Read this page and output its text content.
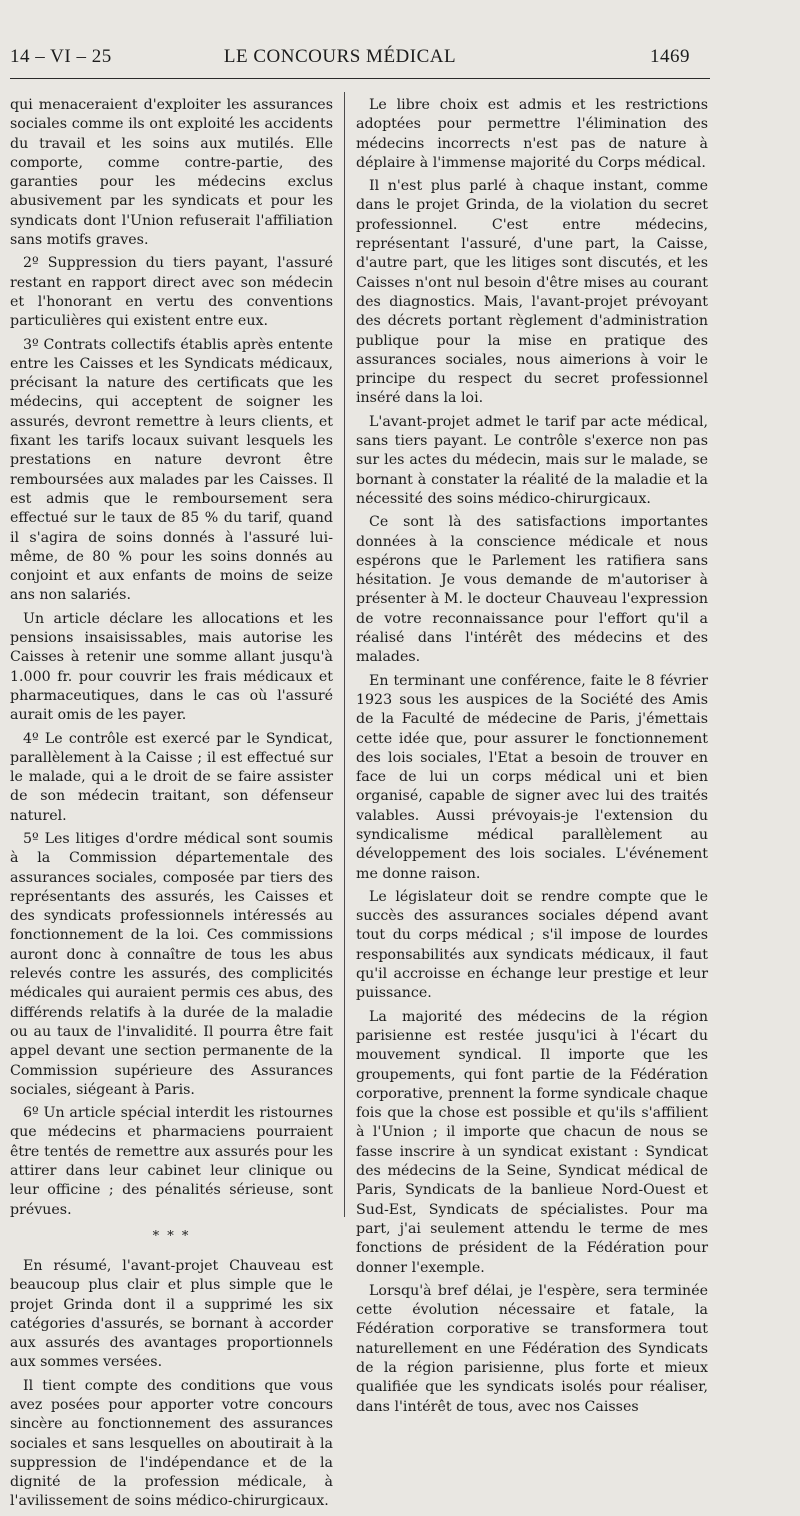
14 – VI – 25	LE CONCOURS MÉDICAL	1469

qui menaceraient d'exploiter les assurances sociales comme ils ont exploité les accidents du travail et les soins aux mutilés. Elle comporte, comme contre-partie, des garanties pour les médecins exclus abusivement par les syndicats et pour les syndicats dont l'Union refuserait l'affiliation sans motifs graves.

2º Suppression du tiers payant, l'assuré restant en rapport direct avec son médecin et l'honorant en vertu des conventions particulières qui existent entre eux.

3º Contrats collectifs établis après entente entre les Caisses et les Syndicats médicaux, précisant la nature des certificats que les médecins, qui acceptent de soigner les assurés, devront remettre à leurs clients, et fixant les tarifs locaux suivant lesquels les prestations en nature devront être remboursées aux malades par les Caisses. Il est admis que le remboursement sera effectué sur le taux de 85 % du tarif, quand il s'agira de soins donnés à l'assuré lui-même, de 80 % pour les soins donnés au conjoint et aux enfants de moins de seize ans non salariés.

Un article déclare les allocations et les pensions insaisissables, mais autorise les Caisses à retenir une somme allant jusqu'à 1.000 fr. pour couvrir les frais médicaux et pharmaceutiques, dans le cas où l'assuré aurait omis de les payer.

4º Le contrôle est exercé par le Syndicat, parallèlement à la Caisse ; il est effectué sur le malade, qui a le droit de se faire assister de son médecin traitant, son défenseur naturel.

5º Les litiges d'ordre médical sont soumis à la Commission départementale des assurances sociales, composée par tiers des représentants des assurés, les Caisses et des syndicats professionnels intéressés au fonctionnement de la loi. Ces commissions auront donc à connaître de tous les abus relevés contre les assurés, des complicités médicales qui auraient permis ces abus, des différends relatifs à la durée de la maladie ou au taux de l'invalidité. Il pourra être fait appel devant une section permanente de la Commission supérieure des Assurances sociales, siégeant à Paris.

6º Un article spécial interdit les ristournes que médecins et pharmaciens pourraient être tentés de remettre aux assurés pour les attirer dans leur cabinet leur clinique ou leur officine ; des pénalités sérieuse, sont prévues.

* * *

En résumé, l'avant-projet Chauveau est beaucoup plus clair et plus simple que le projet Grinda dont il a supprimé les six catégories d'assurés, se bornant à accorder aux assurés des avantages proportionnels aux sommes versées.

Il tient compte des conditions que vous avez posées pour apporter votre concours sincère au fonctionnement des assurances sociales et sans lesquelles on aboutirait à la suppression de l'indépendance et de la dignité de la profession médicale, à l'avilissement de soins médico-chirurgicaux.

Le libre choix est admis et les restrictions adoptées pour permettre l'élimination des médecins incorrects n'est pas de nature à déplaire à l'immense majorité du Corps médical.

Il n'est plus parlé à chaque instant, comme dans le projet Grinda, de la violation du secret professionnel. C'est entre médecins, représentant l'assuré, d'une part, la Caisse, d'autre part, que les litiges sont discutés, et les Caisses n'ont nul besoin d'être mises au courant des diagnostics. Mais, l'avant-projet prévoyant des décrets portant règlement d'administration publique pour la mise en pratique des assurances sociales, nous aimerions à voir le principe du respect du secret professionnel inséré dans la loi.

L'avant-projet admet le tarif par acte médical, sans tiers payant. Le contrôle s'exerce non pas sur les actes du médecin, mais sur le malade, se bornant à constater la réalité de la maladie et la nécessité des soins médico-chirurgicaux.

Ce sont là des satisfactions importantes données à la conscience médicale et nous espérons que le Parlement les ratifiera sans hésitation. Je vous demande de m'autoriser à présenter à M. le docteur Chauveau l'expression de votre reconnaissance pour l'effort qu'il a réalisé dans l'intérêt des médecins et des malades.

En terminant une conférence, faite le 8 février 1923 sous les auspices de la Société des Amis de la Faculté de médecine de Paris, j'émettais cette idée que, pour assurer le fonctionnement des lois sociales, l'Etat a besoin de trouver en face de lui un corps médical uni et bien organisé, capable de signer avec lui des traités valables. Aussi prévoyais-je l'extension du syndicalisme médical parallèlement au développement des lois sociales. L'événement me donne raison.

Le législateur doit se rendre compte que le succès des assurances sociales dépend avant tout du corps médical ; s'il impose de lourdes responsabilités aux syndicats médicaux, il faut qu'il accroisse en échange leur prestige et leur puissance.

La majorité des médecins de la région parisienne est restée jusqu'ici à l'écart du mouvement syndical. Il importe que les groupements, qui font partie de la Fédération corporative, prennent la forme syndicale chaque fois que la chose est possible et qu'ils s'affilient à l'Union ; il importe que chacun de nous se fasse inscrire à un syndicat existant : Syndicat des médecins de la Seine, Syndicat médical de Paris, Syndicats de la banlieue Nord-Ouest et Sud-Est, Syndicats de spécialistes. Pour ma part, j'ai seulement attendu le terme de mes fonctions de président de la Fédération pour donner l'exemple.

Lorsqu'à bref délai, je l'espère, sera terminée cette évolution nécessaire et fatale, la Fédération corporative se transformera tout naturellement en une Fédération des Syndicats de la région parisienne, plus forte et mieux qualifiée que les syndicats isolés pour réaliser, dans l'intérêt de tous, avec nos Caisses
